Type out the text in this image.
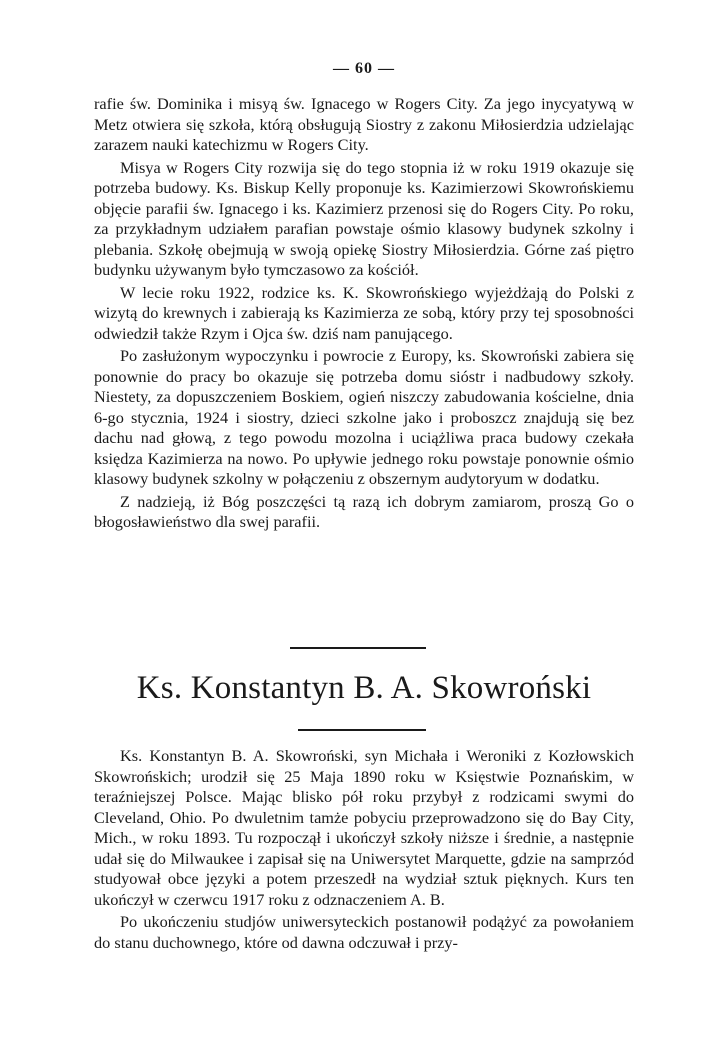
— 60 —

rafie św. Dominika i misyą św. Ignacego w Rogers City. Za jego inycyatywą w Metz otwiera się szkoła, którą obsługują Siostry z zakonu Miłosierdzia udzielając zarazem nauki katechizmu w Rogers City.

Misya w Rogers City rozwija się do tego stopnia iż w roku 1919 okazuje się potrzeba budowy. Ks. Biskup Kelly proponuje ks. Kazimierzowi Skowrońskiemu objęcie parafii św. Ignacego i ks. Kazimierz przenosi się do Rogers City. Po roku, za przykładnym udziałem parafian powstaje ośmio klasowy budynek szkolny i plebania. Szkołę obejmują w swoją opiekę Siostry Miłosierdzia. Górne zaś piętro budynku używanym było tymczasowo za kościół.

W lecie roku 1922, rodzice ks. K. Skowrońskiego wyjeżdżają do Polski z wizytą do krewnych i zabierają ks Kazimierza ze sobą, który przy tej sposobności odwiedził także Rzym i Ojca św. dziś nam panującego.

Po zasłużonym wypoczynku i powrocie z Europy, ks. Skowroński zabiera się ponownie do pracy bo okazuje się potrzeba domu sióstr i nadbudowy szkoły. Niestety, za dopuszczeniem Boskiem, ogień niszczy zabudowania kościelne, dnia 6-go stycznia, 1924 i siostry, dzieci szkolne jako i proboszcz znajdują się bez dachu nad głową, z tego powodu mozolna i uciążliwa praca budowy czekała księdza Kazimierza na nowo. Po upływie jednego roku powstaje ponownie ośmio klasowy budynek szkolny w połączeniu z obszernym audytoryum w dodatku.

Z nadzieją, iż Bóg poszczęści tą razą ich dobrym zamiarom, proszą Go o błogosławieństwo dla swej parafii.

Ks. Konstantyn B. A. Skowroński

Ks. Konstantyn B. A. Skowroński, syn Michała i Weroniki z Kozłowskich Skowrońskich; urodził się 25 Maja 1890 roku w Księstwie Poznańskim, w teraźniejszej Polsce. Mając blisko pół roku przybył z rodzicami swymi do Cleveland, Ohio. Po dwuletnim tamże pobyciu przeprowadzono się do Bay City, Mich., w roku 1893. Tu rozpoczął i ukończył szkoły niższe i średnie, a następnie udał się do Milwaukee i zapisał się na Uniwersytet Marquette, gdzie na samprzód studyował obce języki a potem przeszedł na wydział sztuk pięknych. Kurs ten ukończył w czerwcu 1917 roku z odznaczeniem A. B.

Po ukończeniu studjów uniwersyteckich postanowił podążyć za powołaniem do stanu duchownego, które od dawna odczuwał i przy-
